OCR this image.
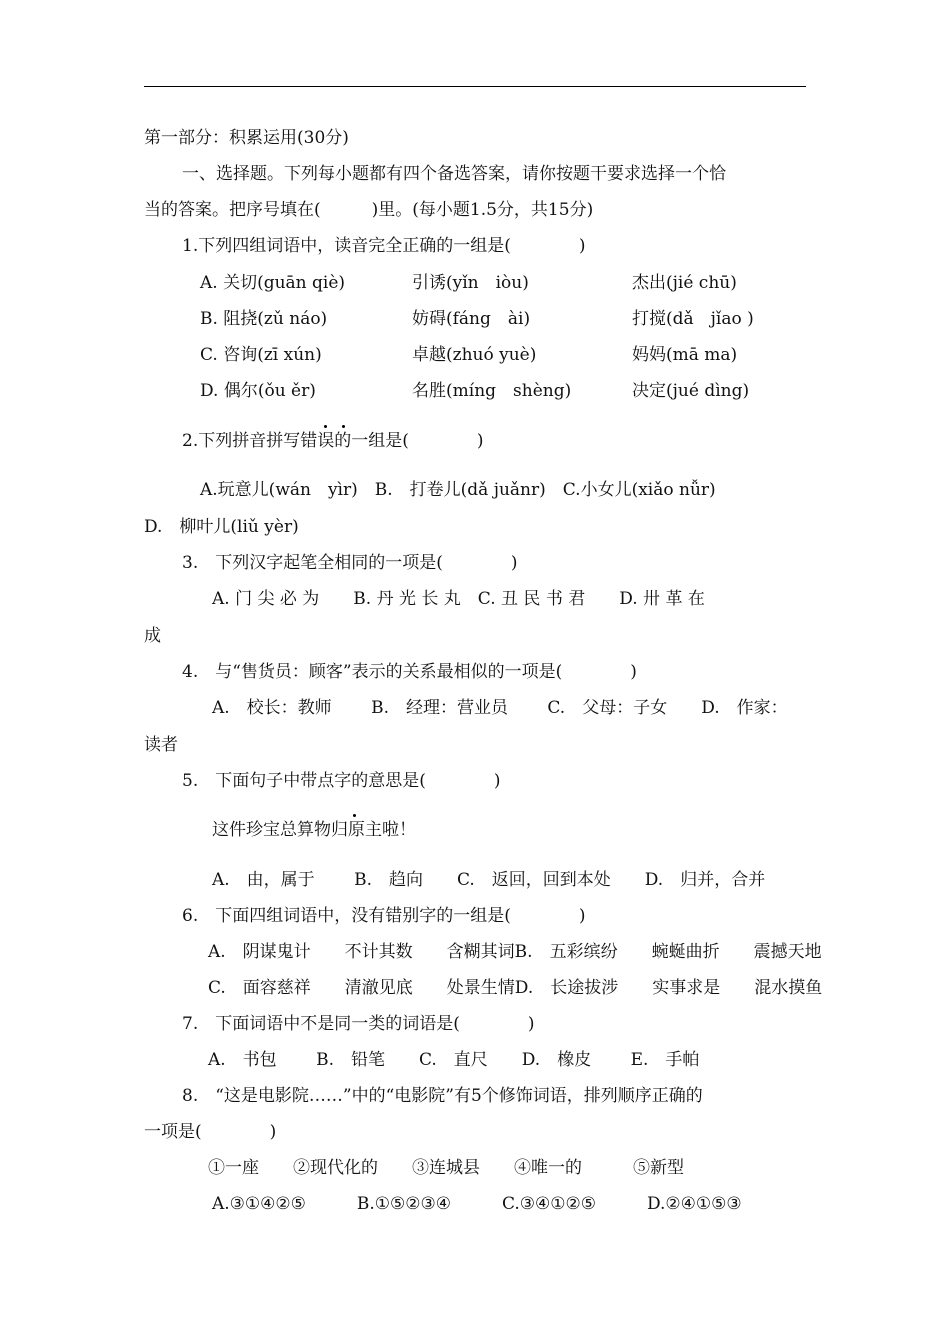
第一部分：积累运用(30分)
一、选择题。下列每小题都有四个备选答案，请你按题干要求选择一个恰
当的答案。把序号填在(　　　)里。(每小题1.5分，共15分)
1.下列四组词语中，读音完全正确的一组是(　　　　)
A. 关切(guān qiè)	引诱(yǐn　iòu)	杰出(jié chū)
B. 阻挠(zǔ náo)	妨碍(fáng　ài)	打搅(dǎ　jǐao )
C. 咨询(zī xún)	卓越(zhuó yuè)	妈妈(mā ma)
D. 偶尔(ǒu ěr)	名胜(míng　shèng)	决定(jué dìng)
2.下列拼音拼写错误的一组是(　　　　)
A.玩意儿(wán　yìr)　B.　打卷儿(dǎ juǎnr)　C.小女儿(xiǎo nǚr)
D.　柳叶儿(liǔ yèr)
3.　下列汉字起笔全相同的一项是(　　　　)
A. 门 尖 必 为　　B. 丹 光 长 丸　C. 丑 民 书 君　　D. 卅 革 在
成
4.　与“售货员：顾客”表示的关系最相似的一项是(　　　　)
A.　校长：教师　　 B.　经理：营业员　　 C.　父母：子女　　D.　作家：
读者
5.　下面句子中带点字的意思是(　　　　)
这件珍宝总算物归原主啦！
A.　由，属于　　 B.　趋向　　C.　返回，回到本处　　D.　归并，合并
6.　下面四组词语中，没有错别字的一组是(　　　　)
A.　阴谋鬼计　　不计其数　　含糊其词B.　五彩缤纷　　蜿蜒曲折　　震撼天地
C.　面容慈祥　　清澈见底　　处景生情D.　长途拔涉　　实事求是　　混水摸鱼
7.　下面词语中不是同一类的词语是(　　　　)
A.　书包　　 B.　铅笔　　C.　直尺　　D.　橡皮　　 E.　手帕
8.　“这是电影院……”中的“电影院”有5个修饰词语，排列顺序正确的
一项是(　　　　)
①一座　　②现代化的　　③连城县　　④唯一的　　　⑤新型
A.③①④②⑤　　　B.①⑤②③④　　　C.③④①②⑤　　　D.②④①⑤③
